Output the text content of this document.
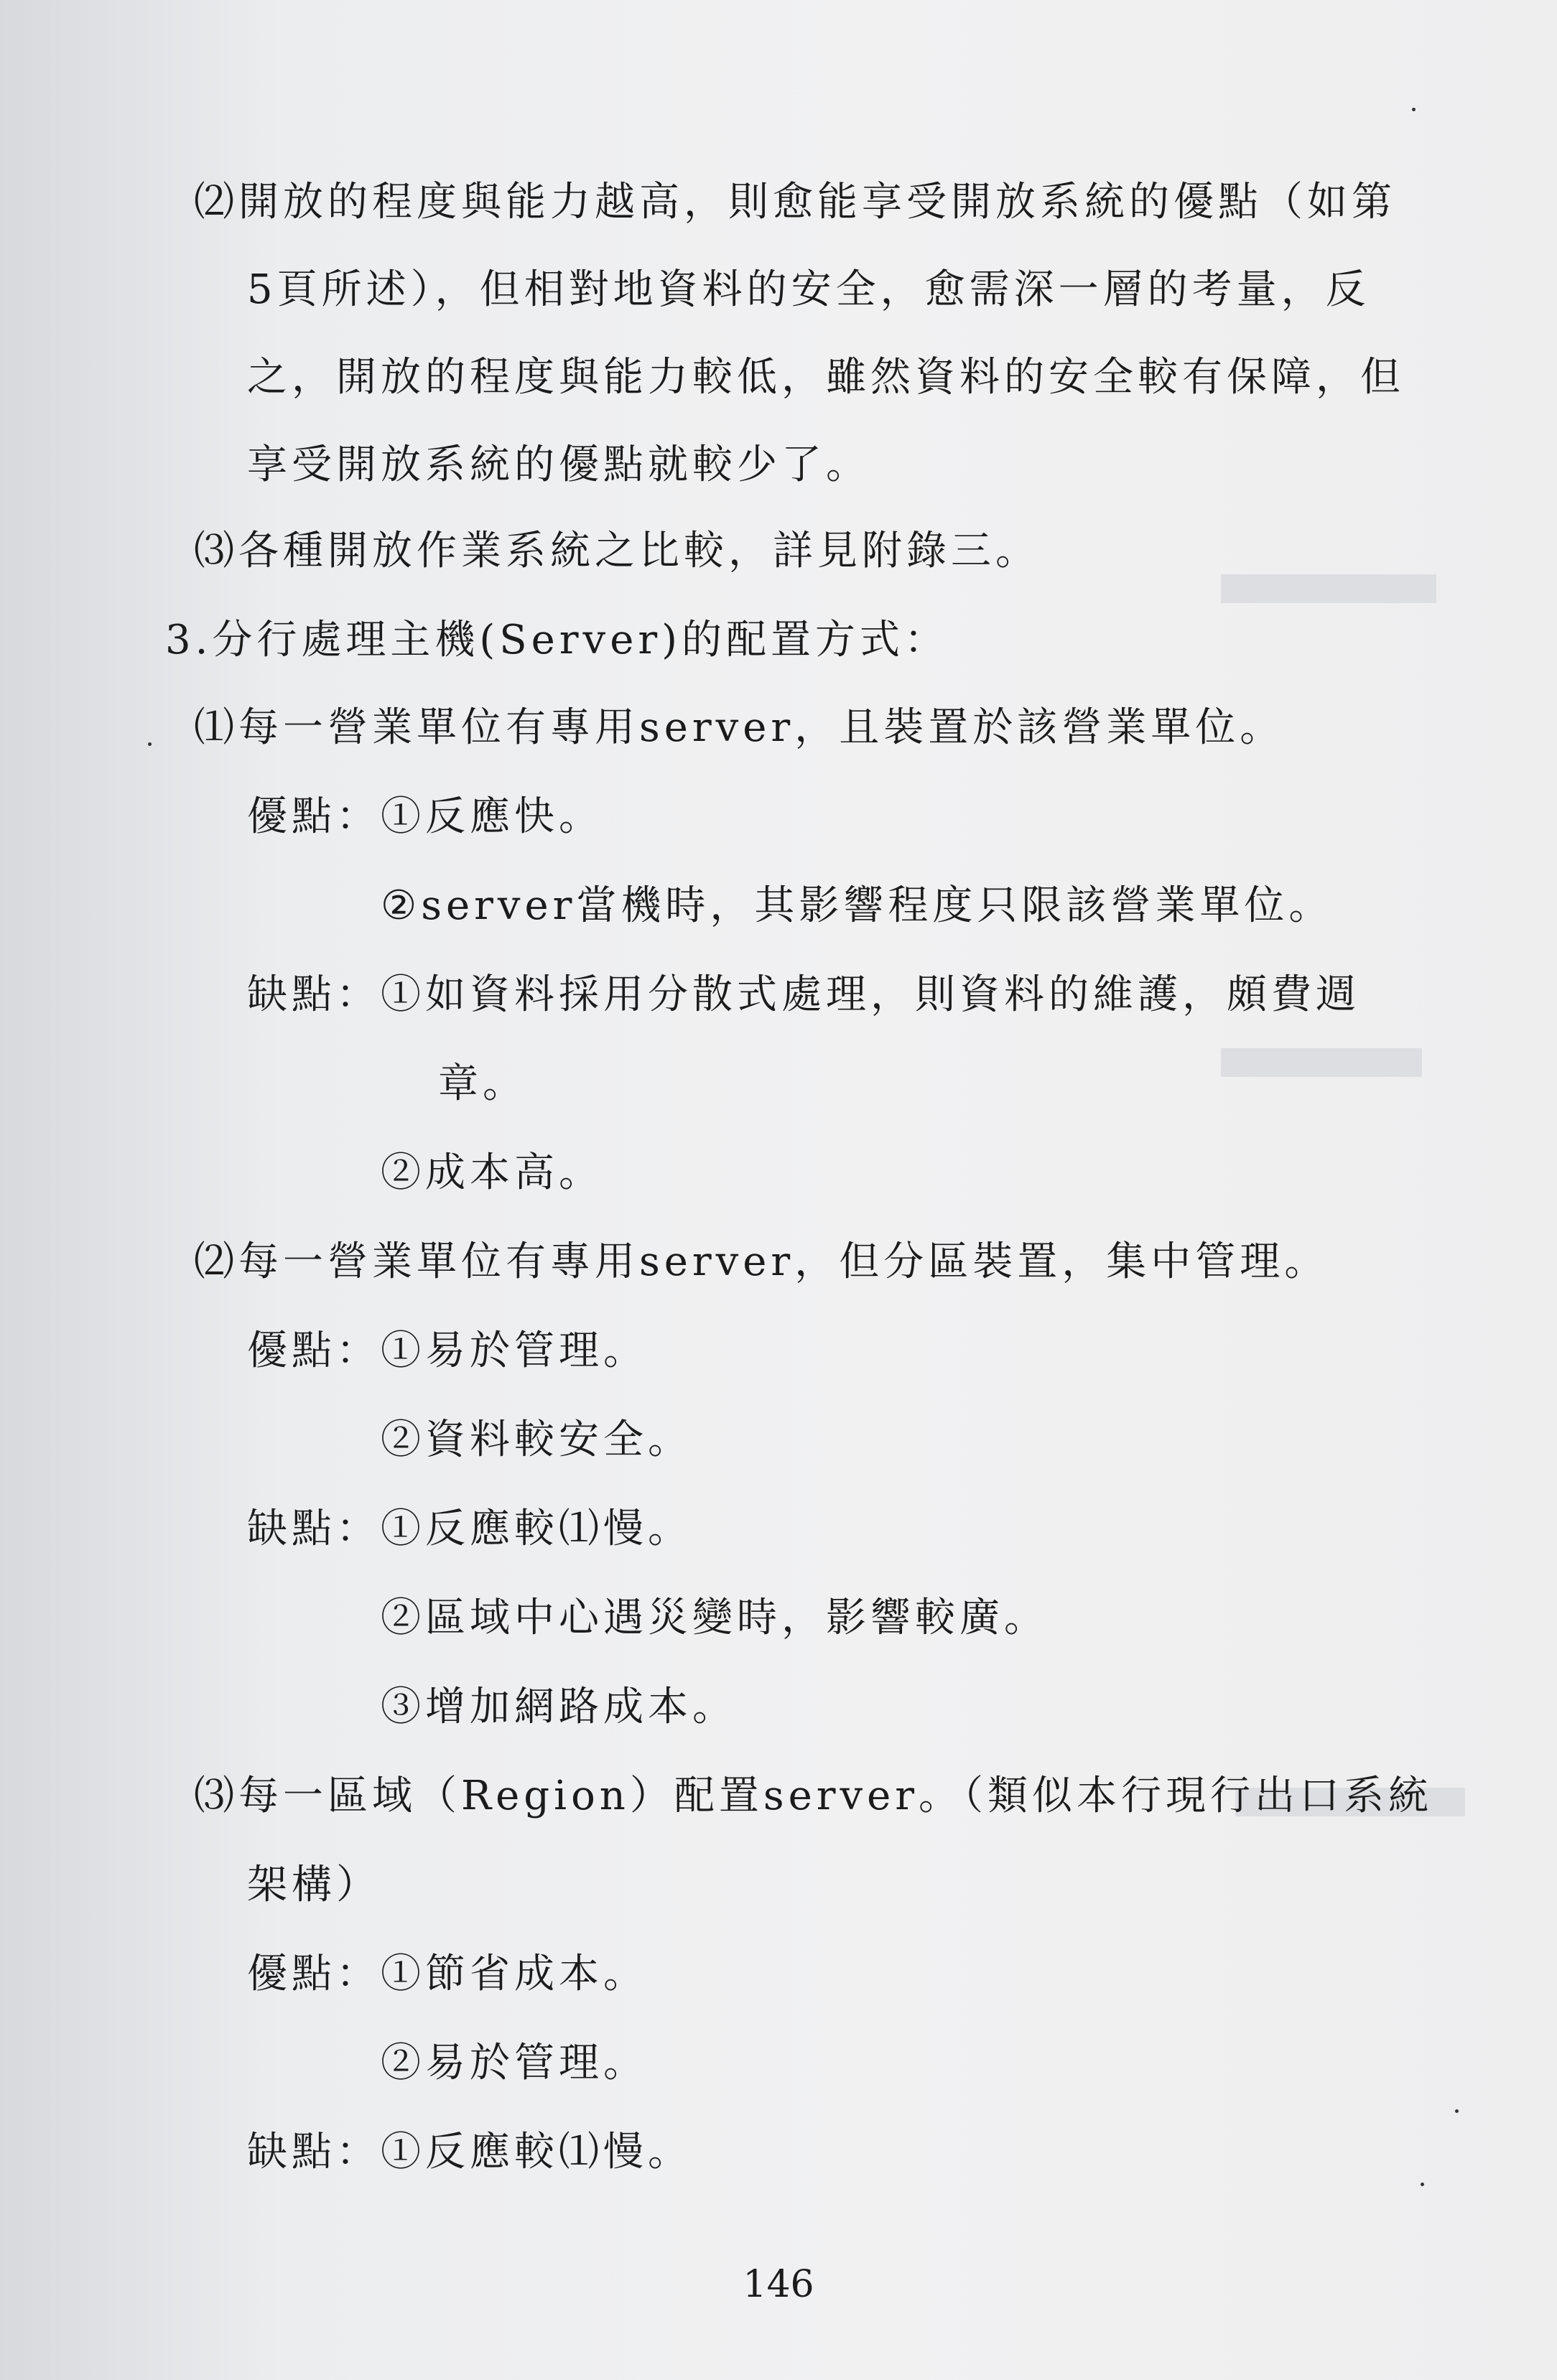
⑵開放的程度與能力越高，則愈能享受開放系統的優點（如第
5頁所述），但相對地資料的安全，愈需深一層的考量，反
之，開放的程度與能力較低，雖然資料的安全較有保障，但
享受開放系統的優點就較少了。
⑶各種開放作業系統之比較，詳見附錄三。
3.分行處理主機(Server)的配置方式：
⑴每一營業單位有專用server，且裝置於該營業單位。
優點：①反應快。
②server當機時，其影響程度只限該營業單位。
缺點：①如資料採用分散式處理，則資料的維護，頗費週
章。
②成本高。
⑵每一營業單位有專用server，但分區裝置，集中管理。
優點：①易於管理。
②資料較安全。
缺點：①反應較⑴慢。
②區域中心遇災變時，影響較廣。
③增加網路成本。
⑶每一區域（Region）配置server。（類似本行現行出口系統
架構）
優點：①節省成本。
②易於管理。
缺點：①反應較⑴慢。
146
